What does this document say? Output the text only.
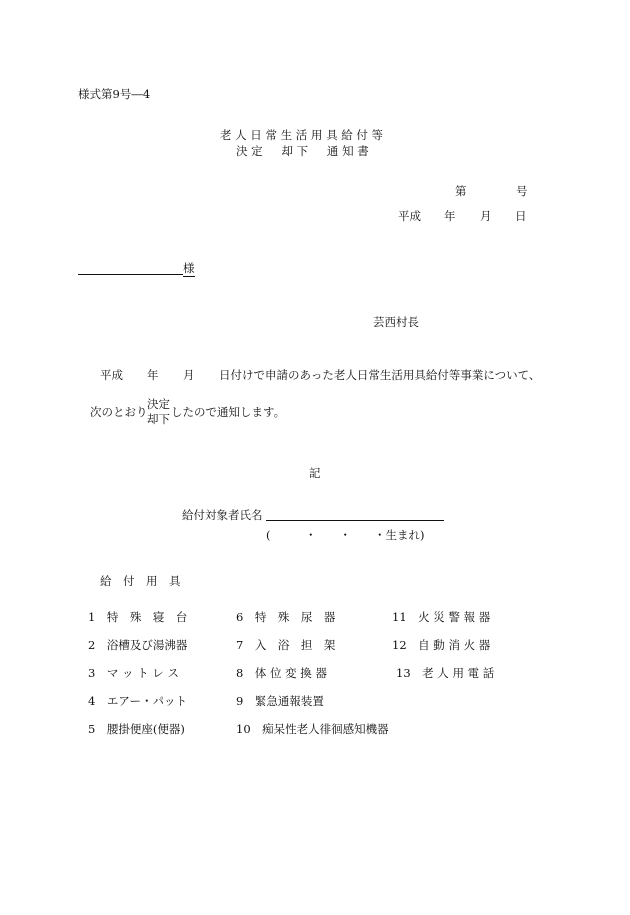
様式第9号―4
老 人 日 常 生 活 用 具 給 付 等
決 定 　 却 下 　 通 知 書
第	号
平成 年 月 日
様
芸西村長
平成 年 月 日付けで申請のあった老人日常生活用具給付等事業について、
次のとおり
決定
却下 したので通知します。
記
給付対象者氏名
(　　　・　　・　　・生まれ)
給　付　用　具
1　 特　殊　寝　台
2　 浴槽及び湯沸器
3　 マ ッ ト レ ス
4　 エアー・パット
5　 腰掛便座(便器)
6　 特　殊　尿　器
7　 入　浴　担　架
8　 体 位 変 換 器
9　 緊急通報装置
10　 痴呆性老人徘徊感知機器
11　 火 災 警 報 器
12　 自 動 消 火 器
13　 老 人 用 電 話
